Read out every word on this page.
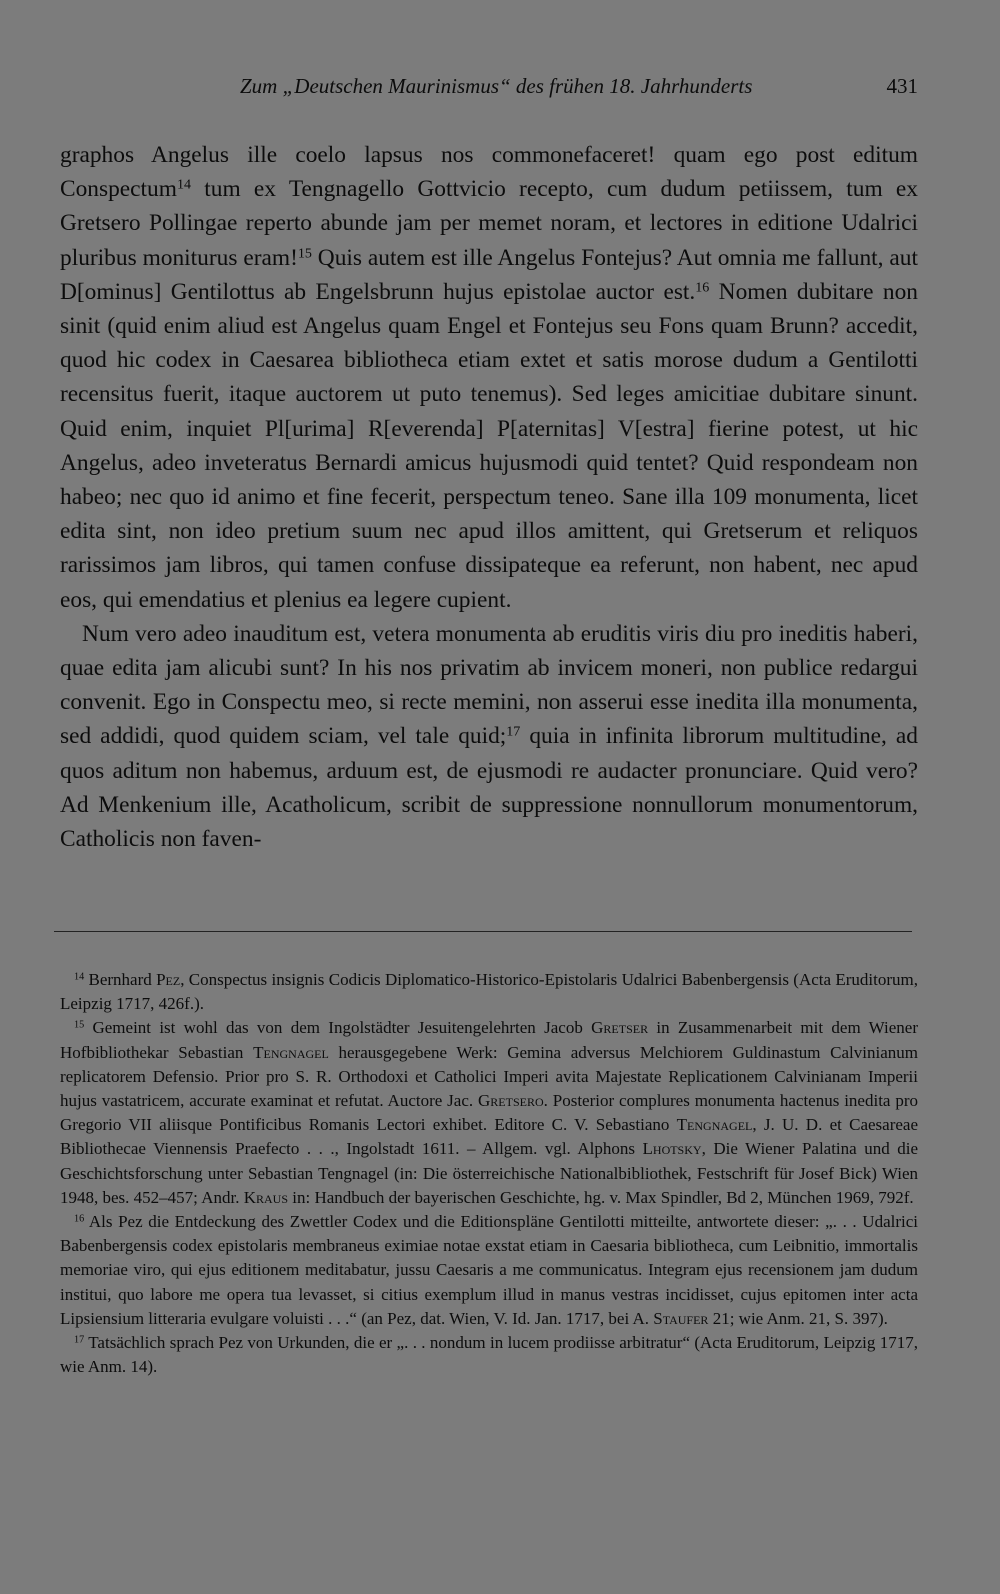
Zum „Deutschen Maurinismus“ des frühen 18. Jahrhunderts	431

graphos Angelus ille coelo lapsus nos commonefaceret! quam ego post editum Conspectum$^{14}$ tum ex Tengnagello Gottvicio recepto, cum dudum petiissem, tum ex Gretsero Pollingae reperto abunde jam per memet noram, et lectores in editione Udalrici pluribus moniturus eram!$^{15}$ Quis autem est ille Angelus Fontejus? Aut omnia me fallunt, aut D[ominus] Gentilottus ab Engelsbrunn hujus epistolae auctor est.$^{16}$ Nomen dubitare non sinit (quid enim aliud est Angelus quam Engel et Fontejus seu Fons quam Brunn? accedit, quod hic codex in Caesarea bibliotheca etiam extet et satis morose dudum a Gentilotti recensitus fuerit, itaque auctorem ut puto tenemus). Sed leges amicitiae dubitare sinunt. Quid enim, inquiet Pl[urima] R[everenda] P[aternitas] V[estra] fierine potest, ut hic Angelus, adeo inveteratus Bernardi amicus hujusmodi quid tentet? Quid respondeam non habeo; nec quo id animo et fine fecerit, perspectum teneo. Sane illa 109 monumenta, licet edita sint, non ideo pretium suum nec apud illos amittent, qui Gretserum et reliquos rarissimos jam libros, qui tamen confuse dissipateque ea referunt, non habent, nec apud eos, qui emendatius et plenius ea legere cupient.

Num vero adeo inauditum est, vetera monumenta ab eruditis viris diu pro ineditis haberi, quae edita jam alicubi sunt? In his nos privatim ab invicem moneri, non publice redargui convenit. Ego in Conspectu meo, si recte memini, non asserui esse inedita illa monumenta, sed addidi, quod quidem sciam, vel tale quid;$^{17}$ quia in infinita librorum multitudine, ad quos aditum non habemus, arduum est, de ejusmodi re audacter pronunciare. Quid vero? Ad Menkenium ille, Acatholicum, scribit de suppressione nonnullorum monumentorum, Catholicis non faven-

$^{14}$ Bernhard Pez, Conspectus insignis Codicis Diplomatico-Historico-Epistolaris Udalrici Babenbergensis (Acta Eruditorum, Leipzig 1717, 426f.).
$^{15}$ Gemeint ist wohl das von dem Ingolstädter Jesuitengelehrten Jacob Gretser in Zusammenarbeit mit dem Wiener Hofbibliothekar Sebastian Tengnagel herausgegebene Werk: Gemina adversus Melchiorem Guldinastum Calvinianum replicatorem Defensio. Prior pro S. R. Orthodoxi et Catholici Imperi avita Majestate Replicationem Calvinianam Imperii hujus vastatricem, accurate examinat et refutat. Auctore Jac. Gretsero. Posterior complures monumenta hactenus inedita pro Gregorio VII aliisque Pontificibus Romanis Lectori exhibet. Editore C. V. Sebastiano Tengnagel, J. U. D. et Caesareae Bibliothecae Viennensis Praefecto . . ., Ingolstadt 1611. – Allgem. vgl. Alphons Lhotsky, Die Wiener Palatina und die Geschichtsforschung unter Sebastian Tengnagel (in: Die österreichische Nationalbibliothek, Festschrift für Josef Bick) Wien 1948, bes. 452–457; Andr. Kraus in: Handbuch der bayerischen Geschichte, hg. v. Max Spindler, Bd 2, München 1969, 792f.
$^{16}$ Als Pez die Entdeckung des Zwettler Codex und die Editionspläne Gentilotti mitteilte, antwortete dieser: „. . . Udalrici Babenbergensis codex epistolaris membraneus eximiae notae exstat etiam in Caesaria bibliotheca, cum Leibnitio, immortalis memoriae viro, qui ejus editionem meditabatur, jussu Caesaris a me communicatus. Integram ejus recensionem jam dudum institui, quo labore me opera tua levasset, si citius exemplum illud in manus vestras incidisset, cujus epitomen inter acta Lipsiensium litteraria evulgare voluisti . . .“ (an Pez, dat. Wien, V. Id. Jan. 1717, bei A. Staufer 21; wie Anm. 21, S. 397).
$^{17}$ Tatsächlich sprach Pez von Urkunden, die er „. . . nondum in lucem prodiisse arbitratur“ (Acta Eruditorum, Leipzig 1717, wie Anm. 14).
